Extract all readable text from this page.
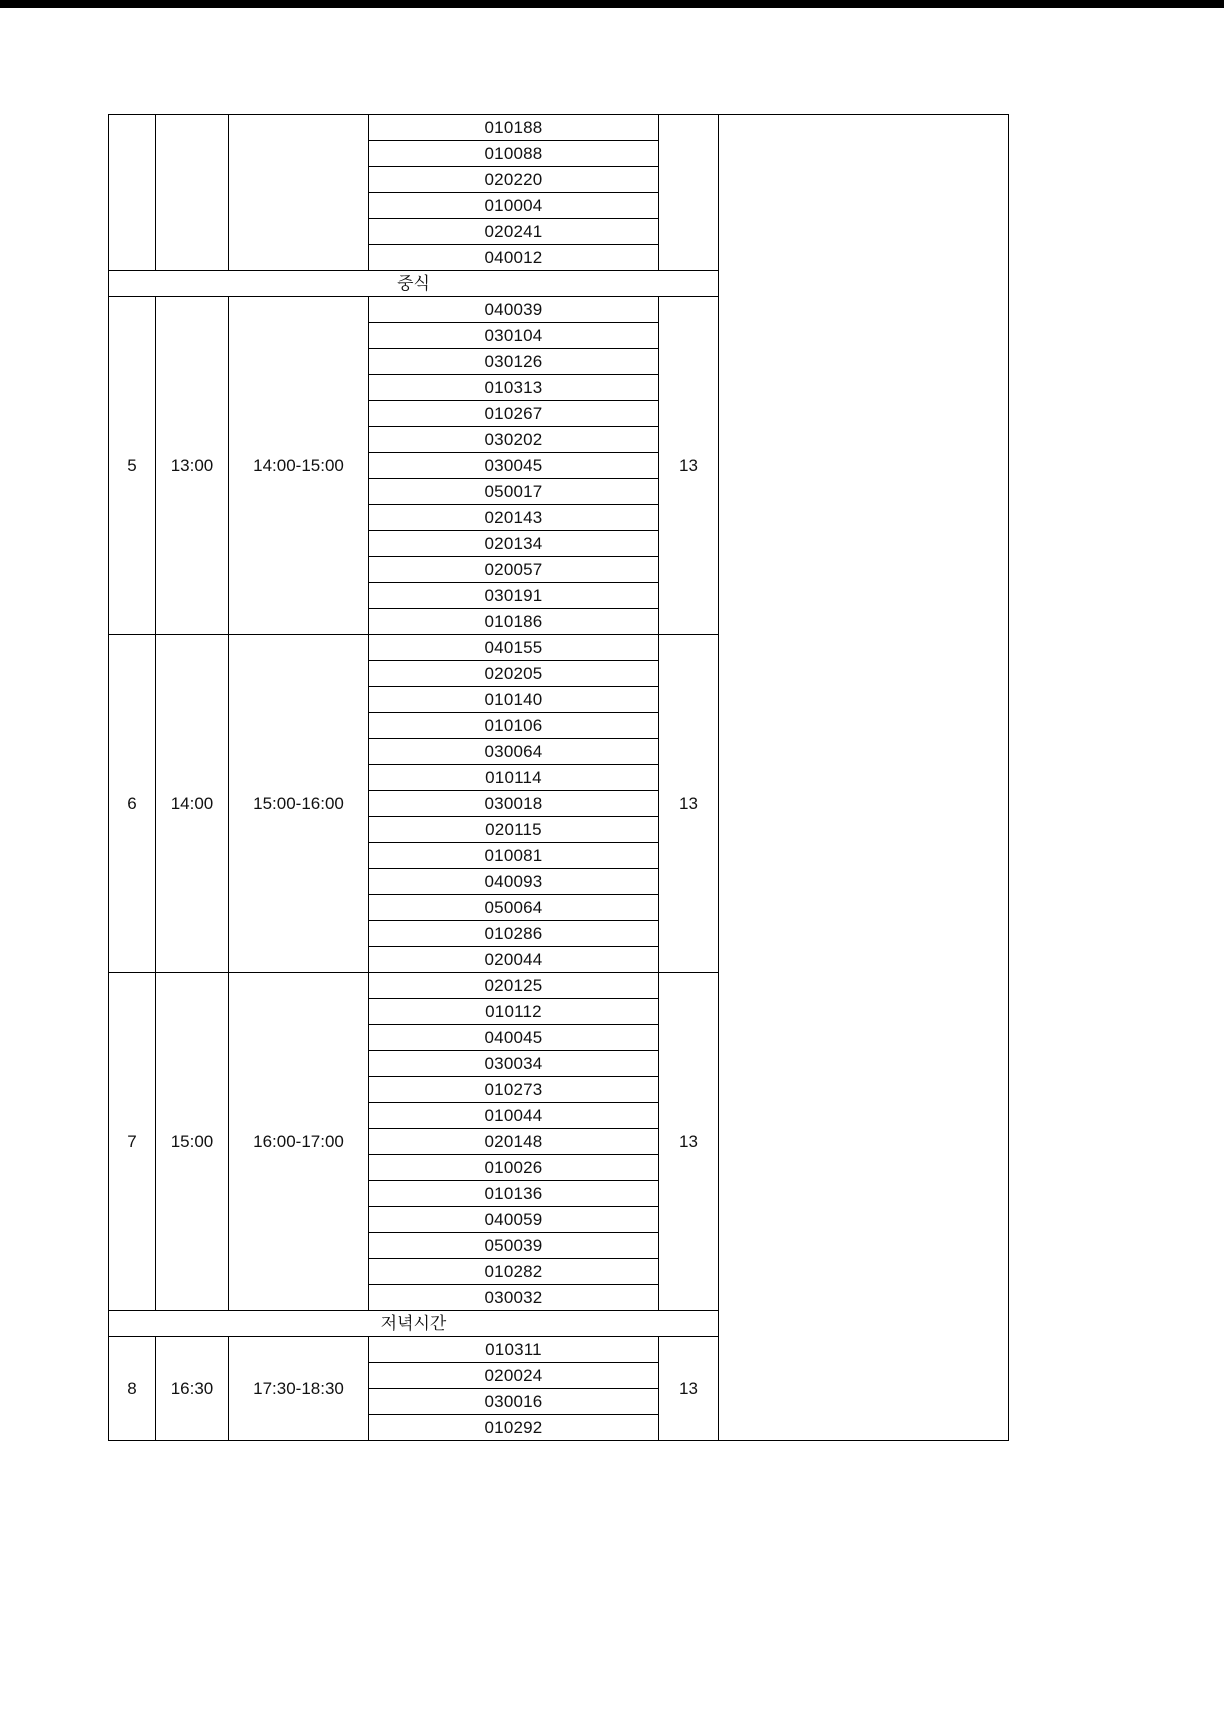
			010188		
			010088		
			020220		
			010004		
			020241		
			040012		
중식					
5	13:00	14:00-15:00	040039	13	
			030104		
			030126		
			010313		
			010267		
			030202		
			030045		
			050017		
			020143		
			020134		
			020057		
			030191		
			010186		
6	14:00	15:00-16:00	040155	13	
			020205		
			010140		
			010106		
			030064		
			010114		
			030018		
			020115		
			010081		
			040093		
			050064		
			010286		
			020044		
7	15:00	16:00-17:00	020125	13	
			010112		
			040045		
			030034		
			010273		
			010044		
			020148		
			010026		
			010136		
			040059		
			050039		
			010282		
			030032		
저녁시간					
8	16:30	17:30-18:30	010311	13	
			020024		
			030016		
			010292		
